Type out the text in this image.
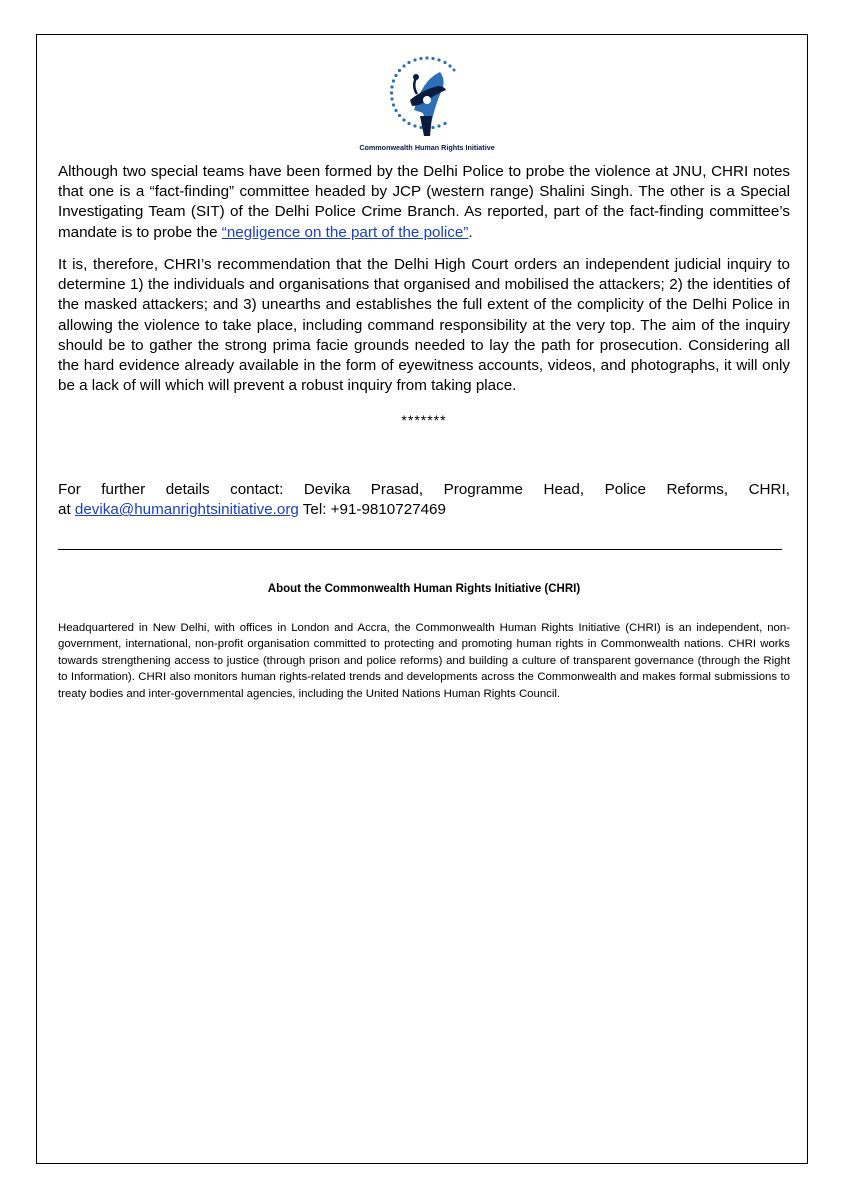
Commonwealth Human Rights Initiative
Although two special teams have been formed by the Delhi Police to probe the violence at JNU, CHRI notes that one is a “fact-finding” committee headed by JCP (western range) Shalini Singh. The other is a Special Investigating Team (SIT) of the Delhi Police Crime Branch. As reported, part of the fact-finding committee’s mandate is to probe the “negligence on the part of the police”.
It is, therefore, CHRI’s recommendation that the Delhi High Court orders an independent judicial inquiry to determine 1) the individuals and organisations that organised and mobilised the attackers; 2) the identities of the masked attackers; and 3) unearths and establishes the full extent of the complicity of the Delhi Police in allowing the violence to take place, including command responsibility at the very top. The aim of the inquiry should be to gather the strong prima facie grounds needed to lay the path for prosecution. Considering all the hard evidence already available in the form of eyewitness accounts, videos, and photographs, it will only be a lack of will which will prevent a robust inquiry from taking place.
*******
For further details contact: Devika Prasad, Programme Head, Police Reforms, CHRI,
at devika@humanrightsinitiative.org Tel: +91-9810727469
About the Commonwealth Human Rights Initiative (CHRI)
Headquartered in New Delhi, with offices in London and Accra, the Commonwealth Human Rights Initiative (CHRI) is an independent, non-government, international, non-profit organisation committed to protecting and promoting human rights in Commonwealth nations. CHRI works towards strengthening access to justice (through prison and police reforms) and building a culture of transparent governance (through the Right to Information). CHRI also monitors human rights-related trends and developments across the Commonwealth and makes formal submissions to treaty bodies and inter-governmental agencies, including the United Nations Human Rights Council.
